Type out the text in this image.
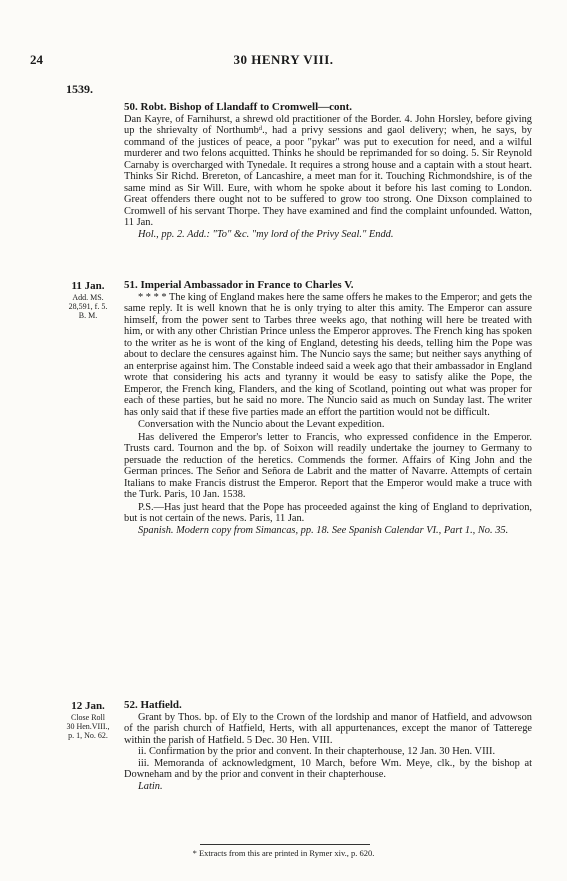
24	30 HENRY VIII.
1539.

50. Robt. Bishop of Llandaff to Cromwell—cont.

Dan Kayre, of Farnihurst, a shrewd old practitioner of the Border. 4. John Horsley, before giving up the shrievalty of Northumbᵈ., had a privy sessions and gaol delivery; when, he says, by command of the justices of peace, a poor "pykar" was put to execution for need, and a wilful murderer and two felons acquitted. Thinks he should be reprimanded for so doing. 5. Sir Reynold Carnaby is overcharged with Tynedale. It requires a strong house and a captain with a stout heart. Thinks Sir Richd. Brereton, of Lancashire, a meet man for it. Touching Richmondshire, is of the same mind as Sir Will. Eure, with whom he spoke about it before his last coming to London. Great offenders there ought not to be suffered to grow too strong. One Dixson complained to Cromwell of his servant Thorpe. They have examined and find the complaint unfounded. Watton, 11 Jan.

Hol., pp. 2. Add.: "To" &c. "my lord of the Privy Seal." Endd.

11 Jan.
Add. MS.
28,591, f. 5.
B. M.

51. Imperial Ambassador in France to Charles V.

* * * * The king of England makes here the same offers he makes to the Emperor; and gets the same reply. It is well known that he is only trying to alter this amity. The Emperor can assure himself, from the power sent to Tarbes three weeks ago, that nothing will here be treated with him, or with any other Christian Prince unless the Emperor approves. The French king has spoken to the writer as he is wont of the king of England, detesting his deeds, telling him the Pope was about to declare the censures against him. The Nuncio says the same; but neither says anything of an enterprise against him. The Constable indeed said a week ago that their ambassador in England wrote that considering his acts and tyranny it would be easy to satisfy alike the Pope, the Emperor, the French king, Flanders, and the king of Scotland, pointing out what was proper for each of these parties, but he said no more. The Nuncio said as much on Sunday last. The writer has only said that if these five parties made an effort the partition would not be difficult.

Conversation with the Nuncio about the Levant expedition.

Has delivered the Emperor's letter to Francis, who expressed confidence in the Emperor. Trusts card. Tournon and the bp. of Soixon will readily undertake the journey to Germany to persuade the reduction of the heretics. Commends the former. Affairs of King John and the German princes. The Señor and Señora de Labrit and the matter of Navarre. Attempts of certain Italians to make Francis distrust the Emperor. Report that the Emperor would make a truce with the Turk. Paris, 10 Jan. 1538.

P.S.—Has just heard that the Pope has proceeded against the king of England to deprivation, but is not certain of the news. Paris, 11 Jan.

Spanish. Modern copy from Simancas, pp. 18. See Spanish Calendar VI., Part 1., No. 35.

12 Jan.
Close Roll
30 Hen.VIII.,
p. 1, No. 62.

52. Hatfield.

Grant by Thos. bp. of Ely to the Crown of the lordship and manor of Hatfield, and advowson of the parish church of Hatfield, Herts, with all appurtenances, except the manor of Tatterege within the parish of Hatfield. 5 Dec. 30 Hen. VIII.

ii. Confirmation by the prior and convent. In their chapterhouse, 12 Jan. 30 Hen. VIII.

iii. Memoranda of acknowledgment, 10 March, before Wm. Meye, clk., by the bishop at Downeham and by the prior and convent in their chapterhouse.

Latin.

* Extracts from this are printed in Rymer xiv., p. 620.
